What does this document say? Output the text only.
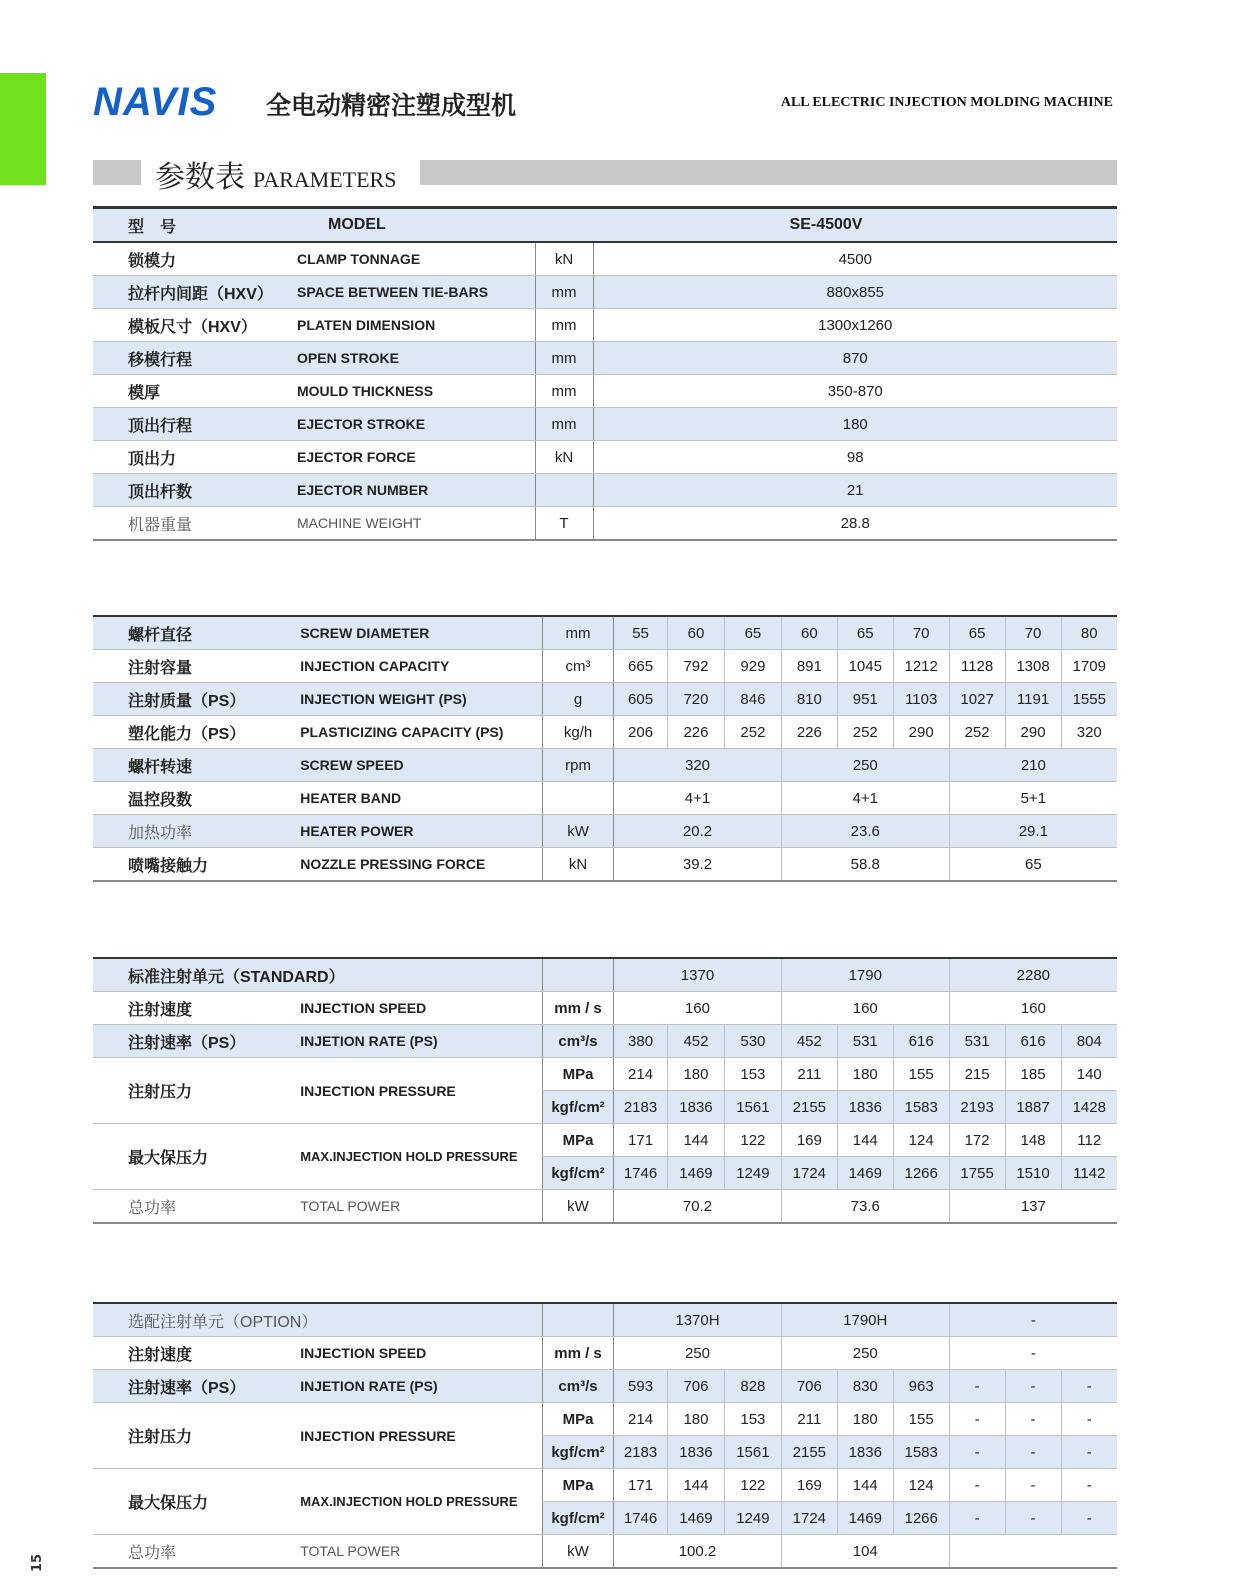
NAVIS 全电动精密注塑成型机	ALL ELECTRIC INJECTION MOLDING MACHINE
参数表 PARAMETERS
15
型　号	MODEL	SE-4500V	
锁模力	CLAMP TONNAGE	kN	4500
拉杆内间距（HXV）	SPACE BETWEEN TIE-BARS	mm	880x855
模板尺寸（HXV）	PLATEN DIMENSION	mm	1300x1260
移模行程	OPEN STROKE	mm	870
模厚	MOULD THICKNESS	mm	350-870
顶出行程	EJECTOR STROKE	mm	180
顶出力	EJECTOR FORCE	kN	98
顶出杆数	EJECTOR NUMBER		21
机器重量	MACHINE WEIGHT	T	28.8
螺杆直径	SCREW DIAMETER	mm	55	60	65	60	65	70	65	70	80
注射容量	INJECTION CAPACITY	cm³	665	792	929	891	1045	1212	1128	1308	1709
注射质量（PS）	INJECTION WEIGHT (PS)	g	605	720	846	810	951	1103	1027	1191	1555
塑化能力（PS）	PLASTICIZING CAPACITY (PS)	kg/h	206	226	252	226	252	290	252	290	320
螺杆转速	SCREW SPEED	rpm	320			250			210		
温控段数	HEATER BAND		4+1			4+1			5+1		
加热功率	HEATER POWER	kW	20.2			23.6			29.1		
喷嘴接触力	NOZZLE PRESSING FORCE	kN	39.2			58.8			65		
标准注射单元（STANDARD）			1370			1790			2280		
注射速度	INJECTION SPEED	mm / s	160			160			160		
注射速率（PS）	INJETION RATE (PS)	cm³/s	380	452	530	452	531	616	531	616	804
注射压力	INJECTION PRESSURE	MPa	214	180	153	211	180	155	215	185	140
		kgf/cm²	2183	1836	1561	2155	1836	1583	2193	1887	1428
最大保压力	MAX.INJECTION HOLD PRESSURE	MPa	171	144	122	169	144	124	172	148	112
		kgf/cm²	1746	1469	1249	1724	1469	1266	1755	1510	1142
总功率	TOTAL POWER	kW	70.2			73.6			137		
选配注射单元（OPTION）			1370H			1790H			-		
注射速度	INJECTION SPEED	mm / s	250			250			-		
注射速率（PS）	INJETION RATE (PS)	cm³/s	593	706	828	706	830	963	-	-	-
注射压力	INJECTION PRESSURE	MPa	214	180	153	211	180	155	-	-	-
		kgf/cm²	2183	1836	1561	2155	1836	1583	-	-	-
最大保压力	MAX.INJECTION HOLD PRESSURE	MPa	171	144	122	169	144	124	-	-	-
		kgf/cm²	1746	1469	1249	1724	1469	1266	-	-	-
总功率	TOTAL POWER	kW	100.2			104					
